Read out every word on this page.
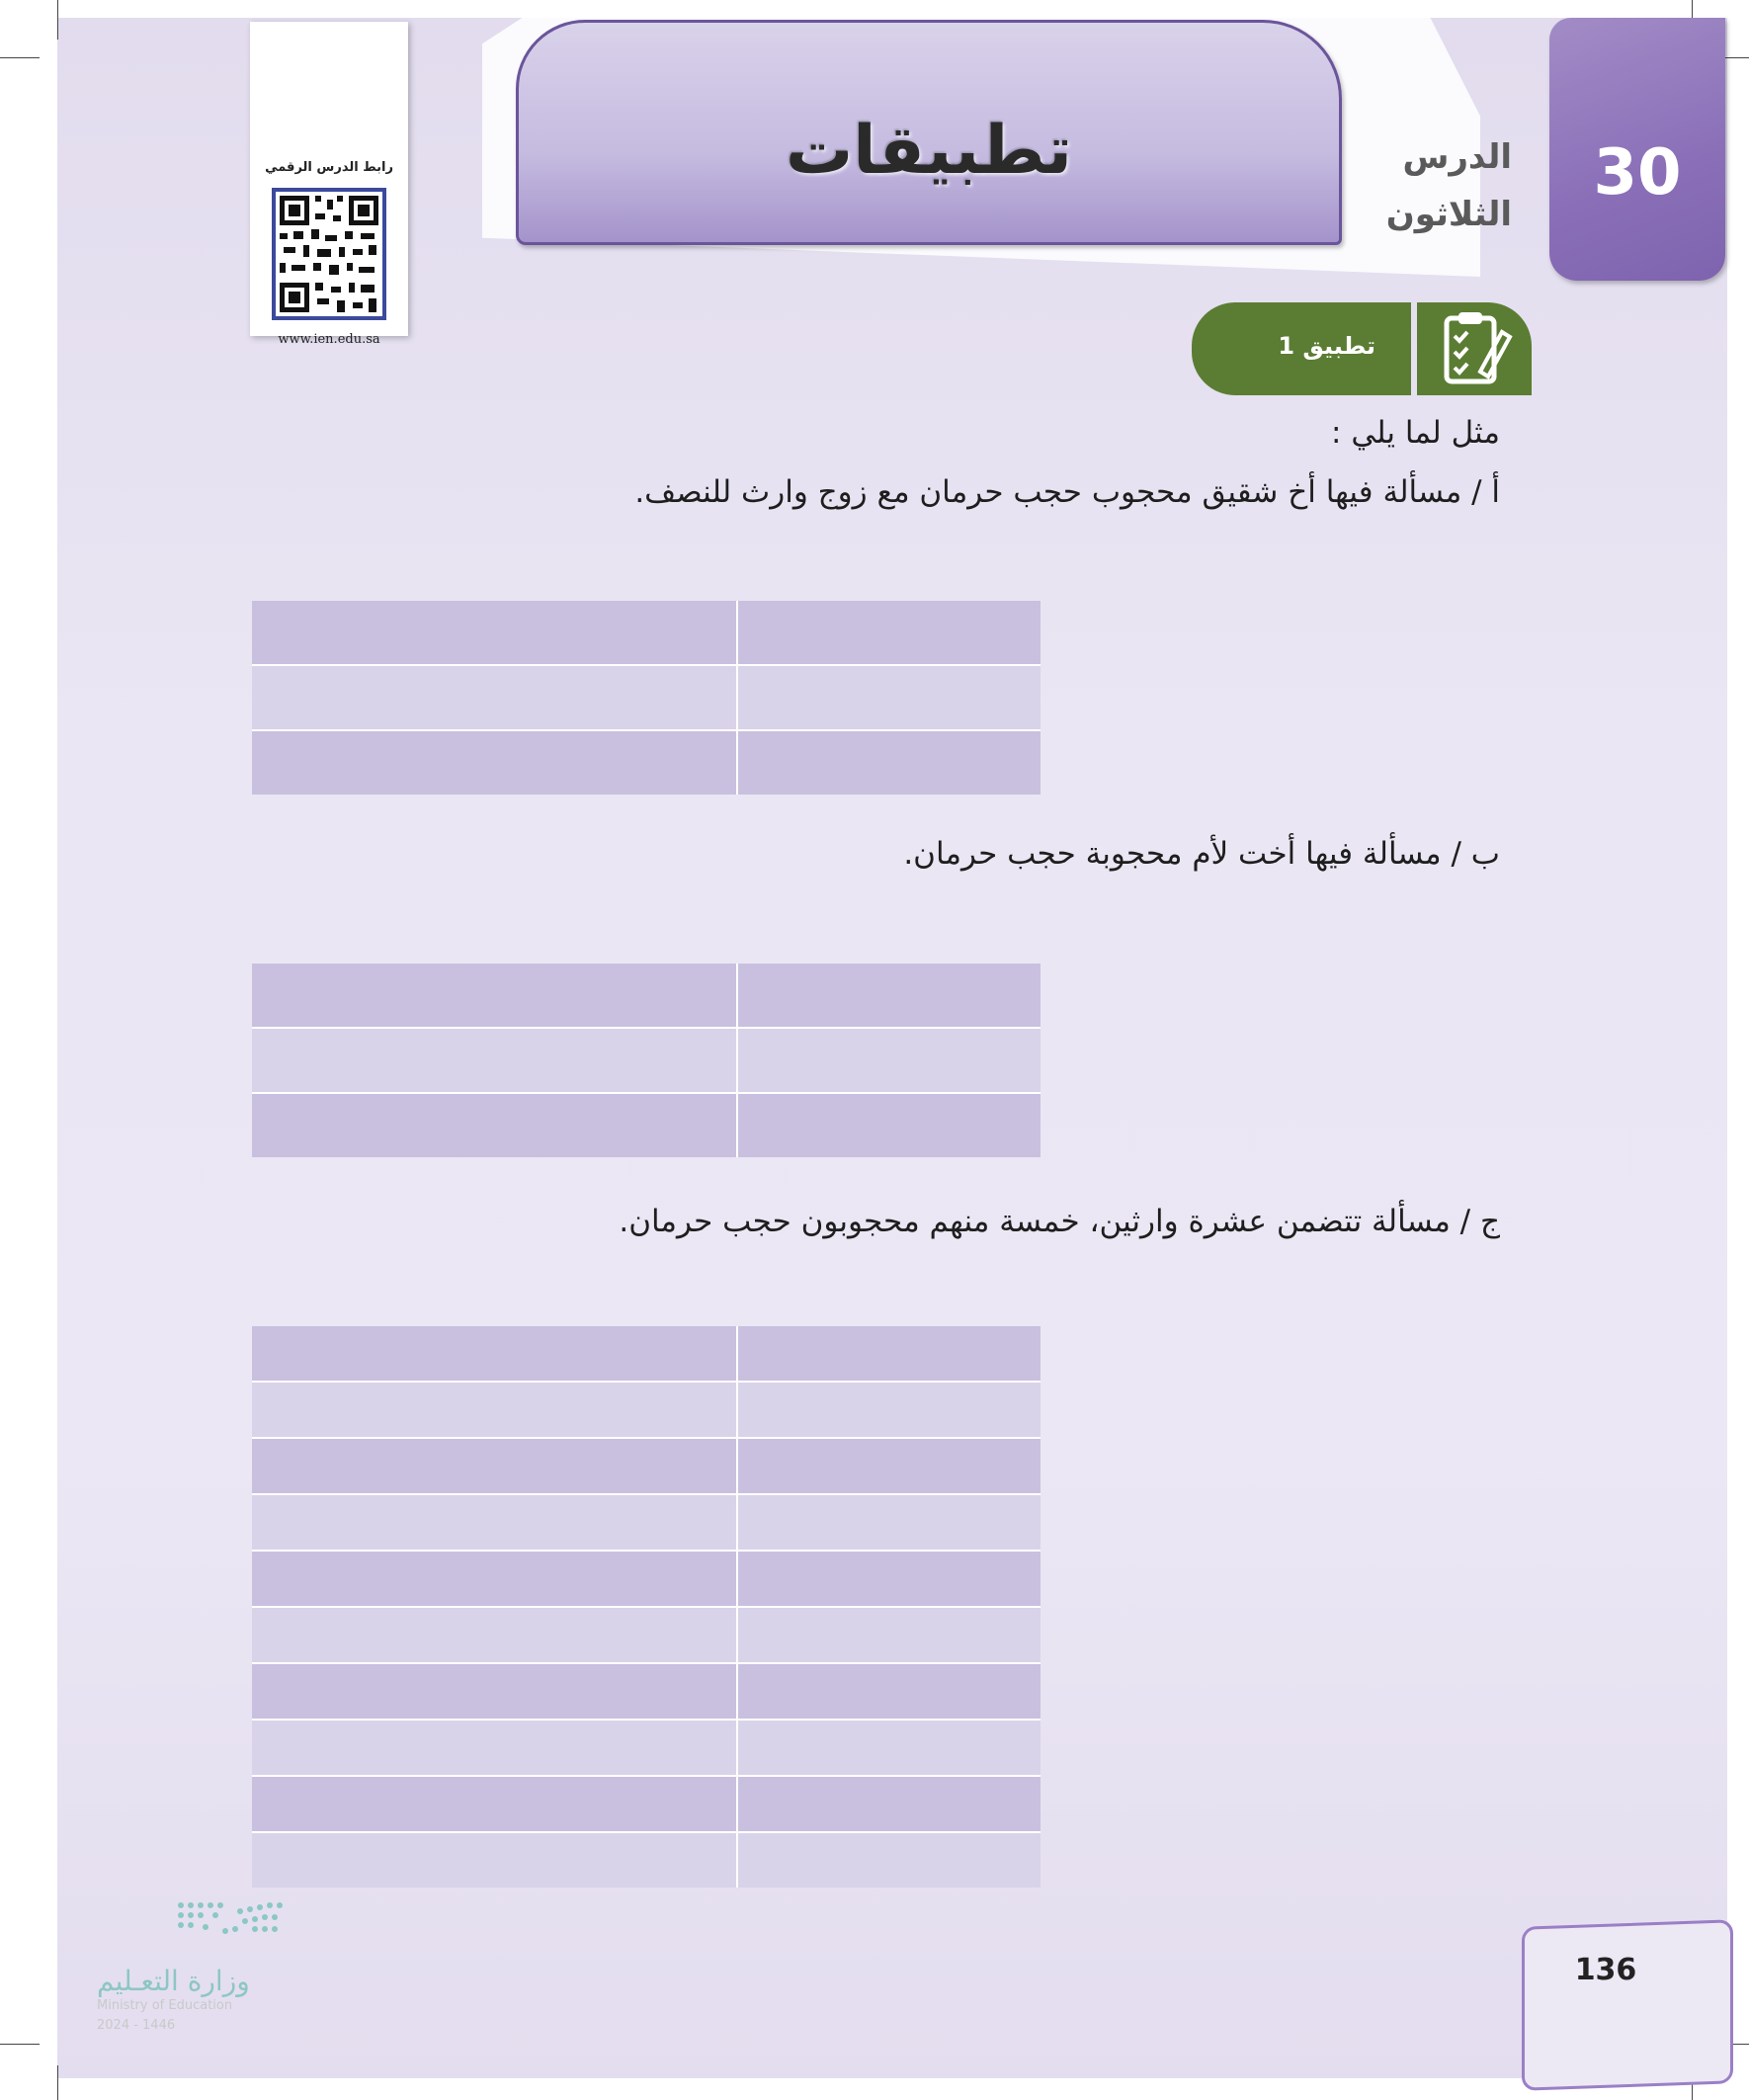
رابط الدرس الرقمي
www.ien.edu.sa
تطبيقات	الدرس
الثلاثون
30
تطبيق 1
مثل لما يلي :
أ / مسألة فيها أخ شقيق محجوب حجب حرمان مع زوج وارث للنصف.
ب / مسألة فيها أخت لأم محجوبة حجب حرمان.
ج / مسألة تتضمن عشرة وارثين، خمسة منهم محجوبون حجب حرمان.
وزارة التعـليم
Ministry of Education
2024 - 1446
136
